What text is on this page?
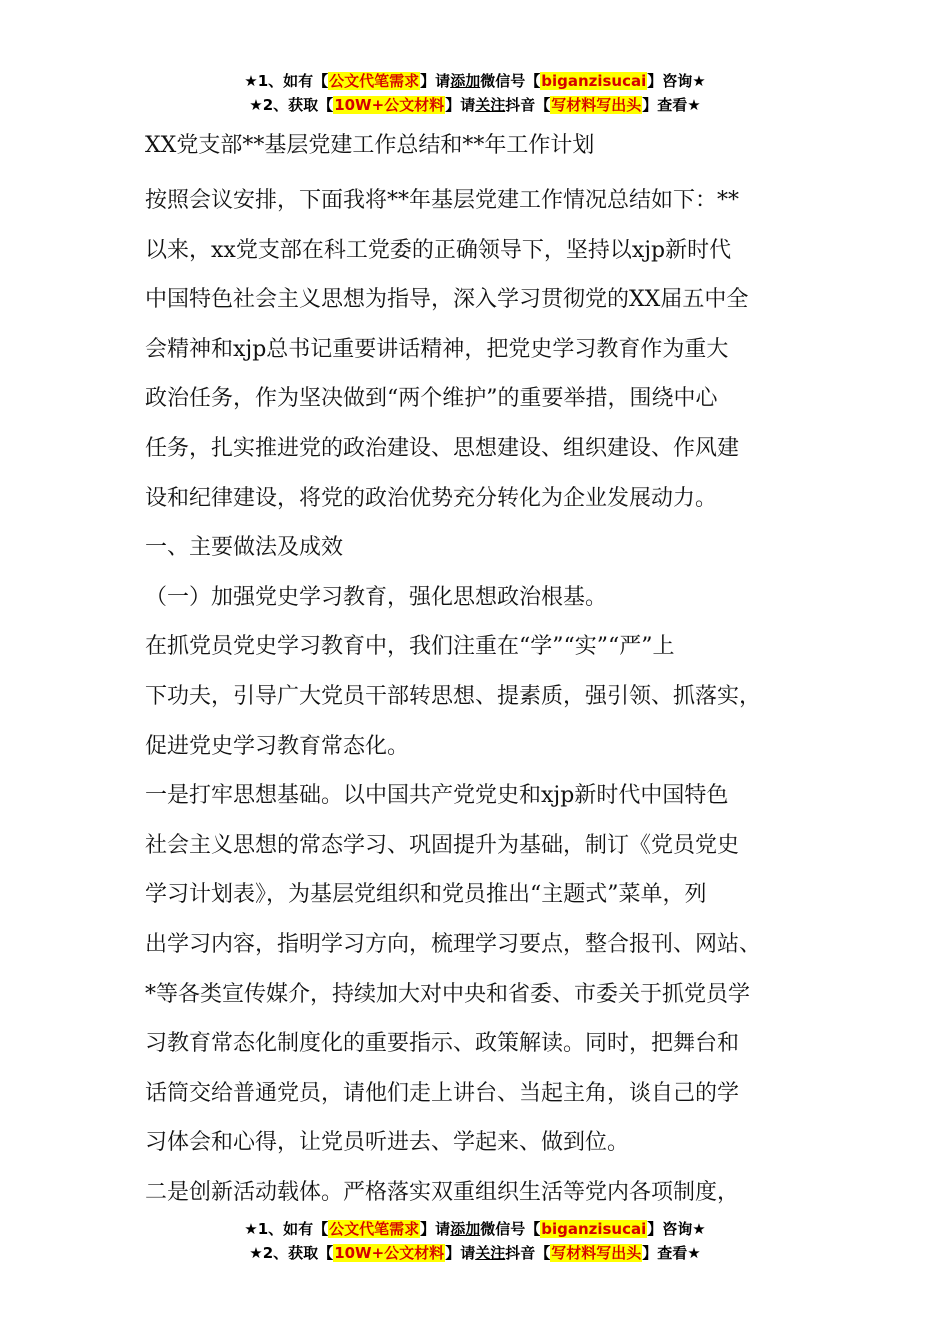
★1、如有【公文代笔需求】请添加微信号【biganzisucai】咨询★
★2、获取【10W+公文材料】请关注抖音【写材料写出头】查看★

XX党支部**基层党建工作总结和**年工作计划

按照会议安排，下面我将**年基层党建工作情况总结如下：**

以来，xx党支部在科工党委的正确领导下，坚持以xjp新时代

中国特色社会主义思想为指导，深入学习贯彻党的XX届五中全

会精神和xjp总书记重要讲话精神，把党史学习教育作为重大

政治任务，作为坚决做到“两个维护”的重要举措，围绕中心

任务，扎实推进党的政治建设、思想建设、组织建设、作风建

设和纪律建设，将党的政治优势充分转化为企业发展动力。

一、主要做法及成效

（一）加强党史学习教育，强化思想政治根基。

在抓党员党史学习教育中，我们注重在“学”“实”“严”上

下功夫，引导广大党员干部转思想、提素质，强引领、抓落实，

促进党史学习教育常态化。

一是打牢思想基础。以中国共产党党史和xjp新时代中国特色

社会主义思想的常态学习、巩固提升为基础，制订《党员党史

学习计划表》，为基层党组织和党员推出“主题式”菜单，列

出学习内容，指明学习方向，梳理学习要点，整合报刊、网站、

*等各类宣传媒介，持续加大对中央和省委、市委关于抓党员学

习教育常态化制度化的重要指示、政策解读。同时，把舞台和

话筒交给普通党员，请他们走上讲台、当起主角，谈自己的学

习体会和心得，让党员听进去、学起来、做到位。

二是创新活动载体。严格落实双重组织生活等党内各项制度，

★1、如有【公文代笔需求】请添加微信号【biganzisucai】咨询★
★2、获取【10W+公文材料】请关注抖音【写材料写出头】查看★
